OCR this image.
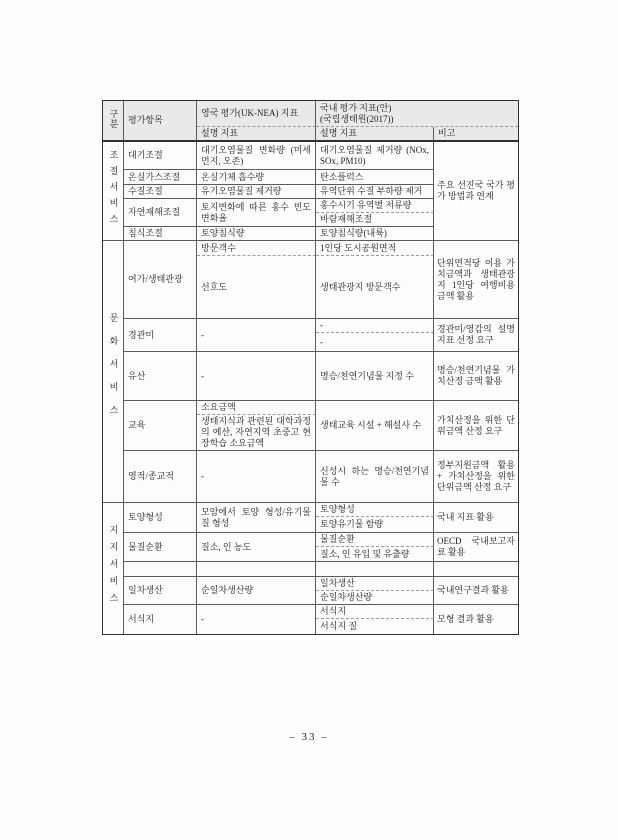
구분	평가항목	영국 평가(UK-NEA) 지표	국내 평가 지표(안)
(국립생태원(2017))	

		설명 지표	설명 지표	비고
조절서비스	대기조절	대기오염물질 변화량 (미세먼지, 오존)	대기오염물질 제거량 (NOx, SOx, PM10)	주요 선진국 국가 평가 방법과 연계
	온실가스조절	온실기체 흡수량	탄소플럭스	
	수질조절	유기오염물질 제거량	유역단위 수질 부하량 제거	
	자연재해조절	토지변화에 따른 홍수 빈도 변화율	홍수시기 유역별 저류량	
			바람재해조절	
	침식조절	토양침식량	토양침식량(내륙)	
문화서비스	여가/생태관광	방문객수	1인당 도시공원면적	단위면적당 이용 가치금액과 생태관광지 1인당 여행비용 금액 활용
		선호도	생태관광지 방문객수	
	경관미	-	-	경관미/영감의 설명지표 선정 요구
			-	
	유산	-	명승/천연기념물 지정 수	명승/천연기념물 가치산정 금액 활용
	교육	소요금액	생태교육 시설 + 해설사 수	가치산정을 위한 단위금액 산정 요구
		생태지식과 관련된 대학과정의 예산, 자연지역 초중고 현장학습 소요금액		
	영적/종교적	-	신성시 하는 명승/천연기념물 수	정부지원금액 활용 + 가치산정을 위한 단위금액 산정 요구
지지서비스	토양형성	모암에서 토양 형성/유기물질 형성	토양형성	국내 지표 활용
			토양유기물 함량	
	물질순환	질소, 인 농도	물질순환	OECD 국내보고자료 활용
			질소, 인 유입 및 유출량	

	일차생산	순일차생산량	일차생산	국내연구결과 활용
			순일차생산량	
	서식지	-	서식지	모형 결과 활용
			서식지 질	
– 33 –
